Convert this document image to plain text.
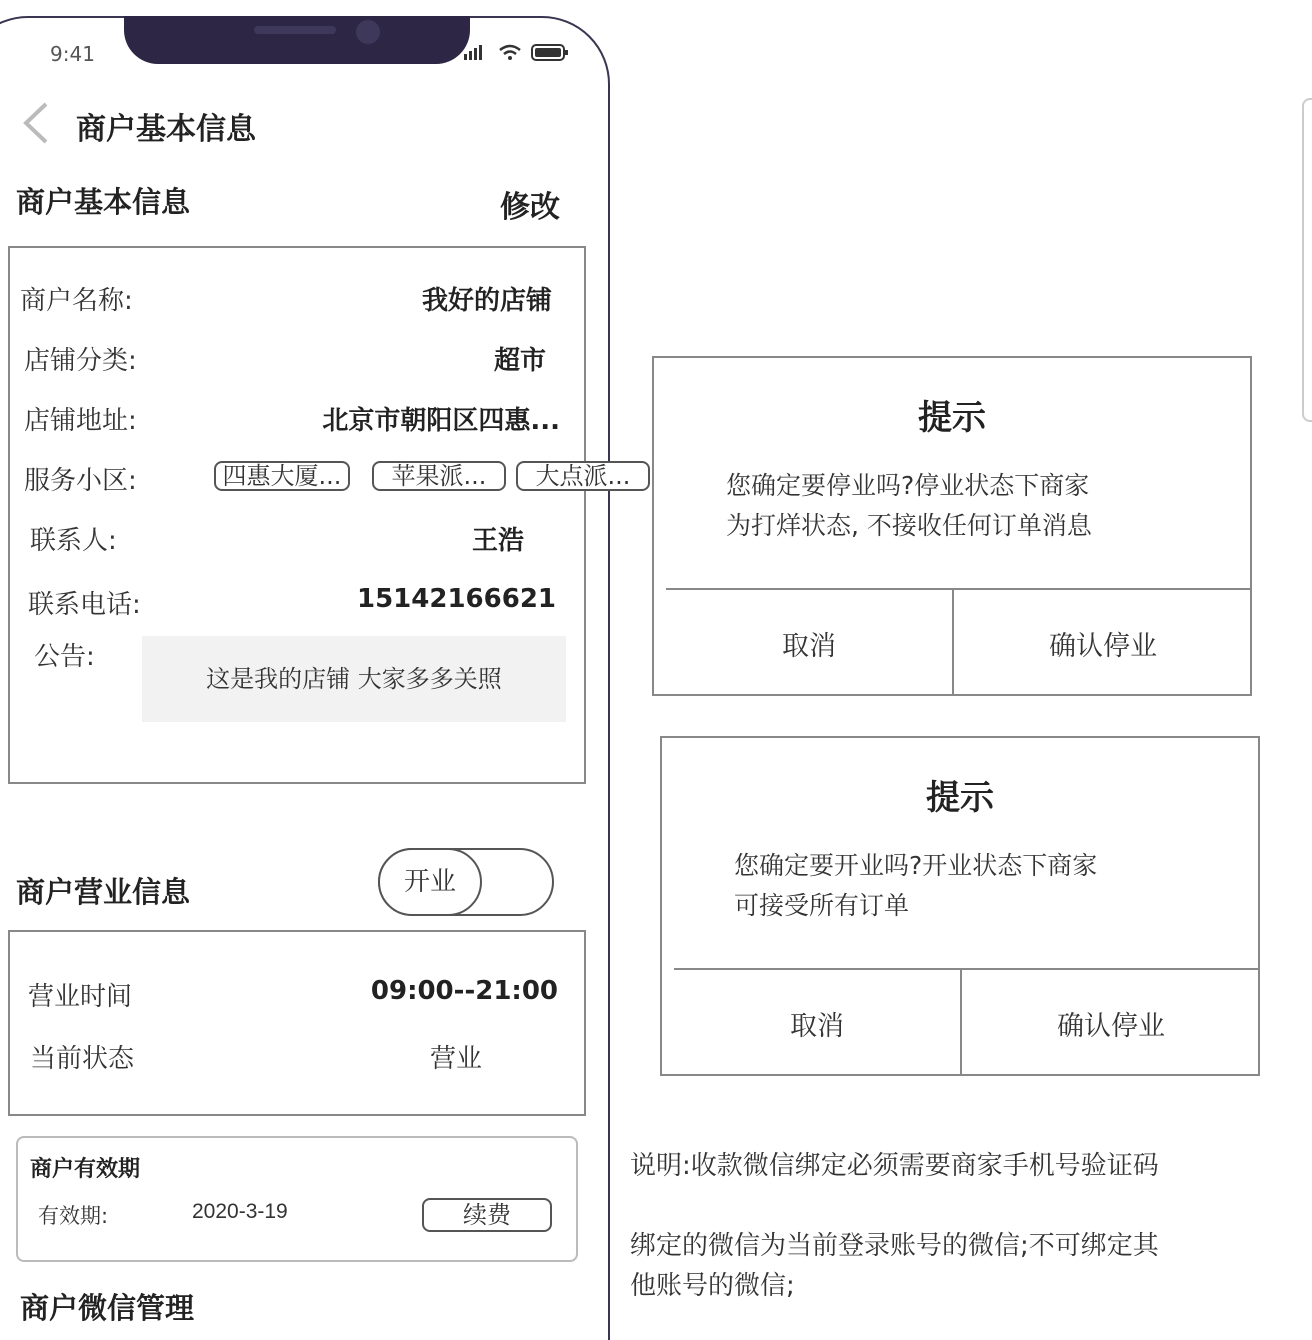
9:41
商户基本信息
商户基本信息	修改
商户名称:	我好的店铺
店铺分类:	超市
店铺地址:	北京市朝阳区四惠...
服务小区:	四惠大厦...	苹果派...	大点派...
联系人:	王浩
联系电话:	15142166621
公告:
这是我的店铺 大家多多关照
商户营业信息	开业
营业时间	09:00--21:00
当前状态	营业
商户有效期
有效期:	2020-3-19	续费
商户微信管理
提示
您确定要停业吗?停业状态下商家
为打烊状态, 不接收任何订单消息
取消	确认停业
提示
您确定要开业吗?开业状态下商家
可接受所有订单
取消	确认停业
说明:收款微信绑定必须需要商家手机号验证码
绑定的微信为当前登录账号的微信;不可绑定其
他账号的微信;
